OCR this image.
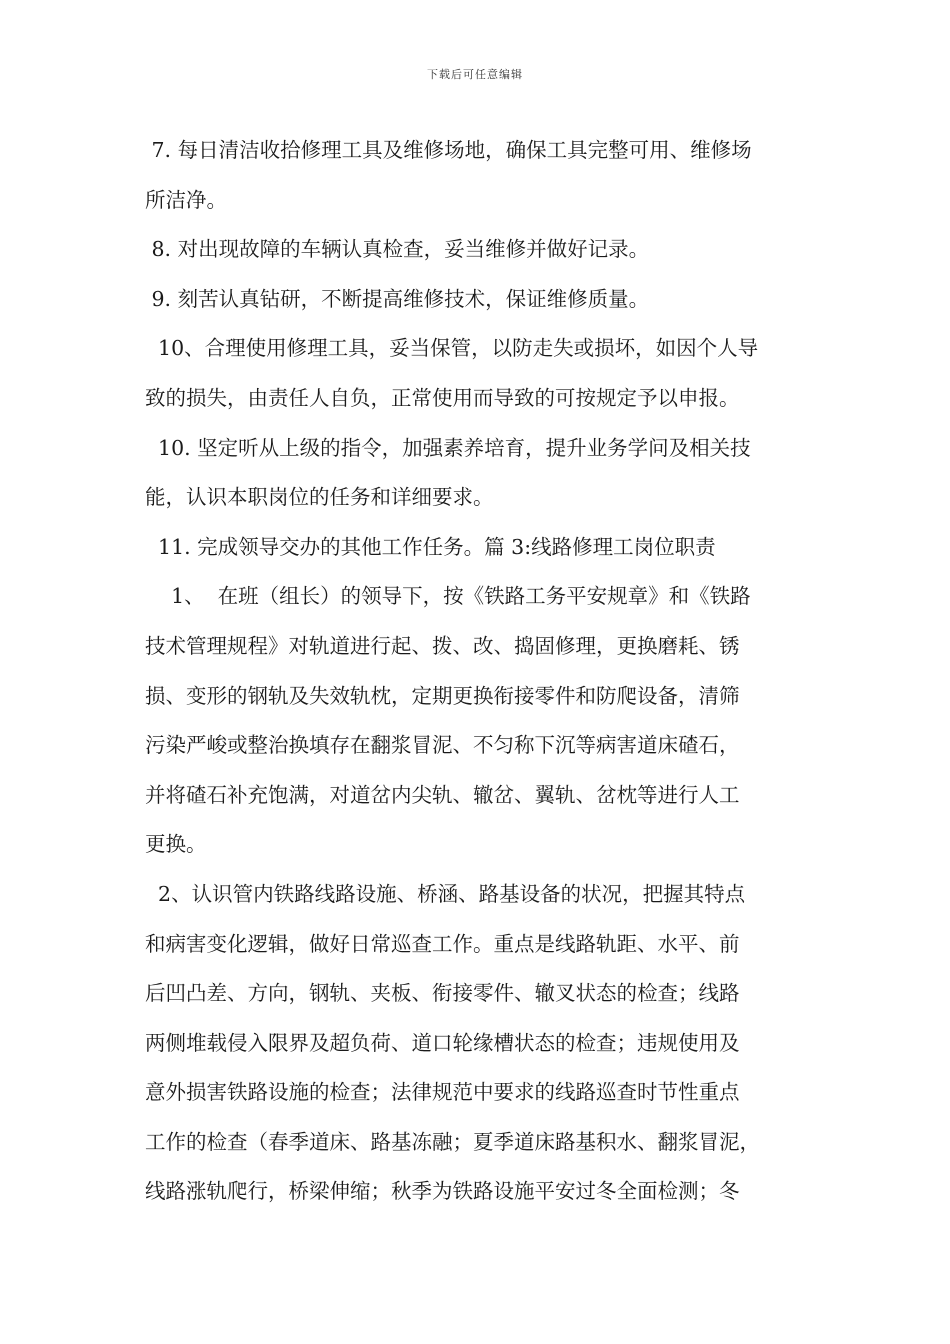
下载后可任意编辑
7. 每日清洁收拾修理工具及维修场地，确保工具完整可用、维修场
所洁净。
8. 对出现故障的车辆认真检查，妥当维修并做好记录。
9. 刻苦认真钻研，不断提高维修技术，保证维修质量。
10、合理使用修理工具，妥当保管，以防走失或损坏，如因个人导
致的损失，由责任人自负，正常使用而导致的可按规定予以申报。
10. 坚定听从上级的指令，加强素养培育，提升业务学问及相关技
能，认识本职岗位的任务和详细要求。
11. 完成领导交办的其他工作任务。篇 3:线路修理工岗位职责
1、  在班（组长）的领导下，按《铁路工务平安规章》和《铁路
技术管理规程》对轨道进行起、拨、改、捣固修理，更换磨耗、锈
损、变形的钢轨及失效轨枕，定期更换衔接零件和防爬设备，清筛
污染严峻或整治换填存在翻浆冒泥、不匀称下沉等病害道床碴石，
并将碴石补充饱满，对道岔内尖轨、辙岔、翼轨、岔枕等进行人工
更换。
2、认识管内铁路线路设施、桥涵、路基设备的状况，把握其特点
和病害变化逻辑，做好日常巡查工作。重点是线路轨距、水平、前
后凹凸差、方向，钢轨、夹板、衔接零件、辙叉状态的检查；线路
两侧堆载侵入限界及超负荷、道口轮缘槽状态的检查；违规使用及
意外损害铁路设施的检查；法律规范中要求的线路巡查时节性重点
工作的检查（春季道床、路基冻融；夏季道床路基积水、翻浆冒泥，
线路涨轨爬行，桥梁伸缩；秋季为铁路设施平安过冬全面检测；冬
